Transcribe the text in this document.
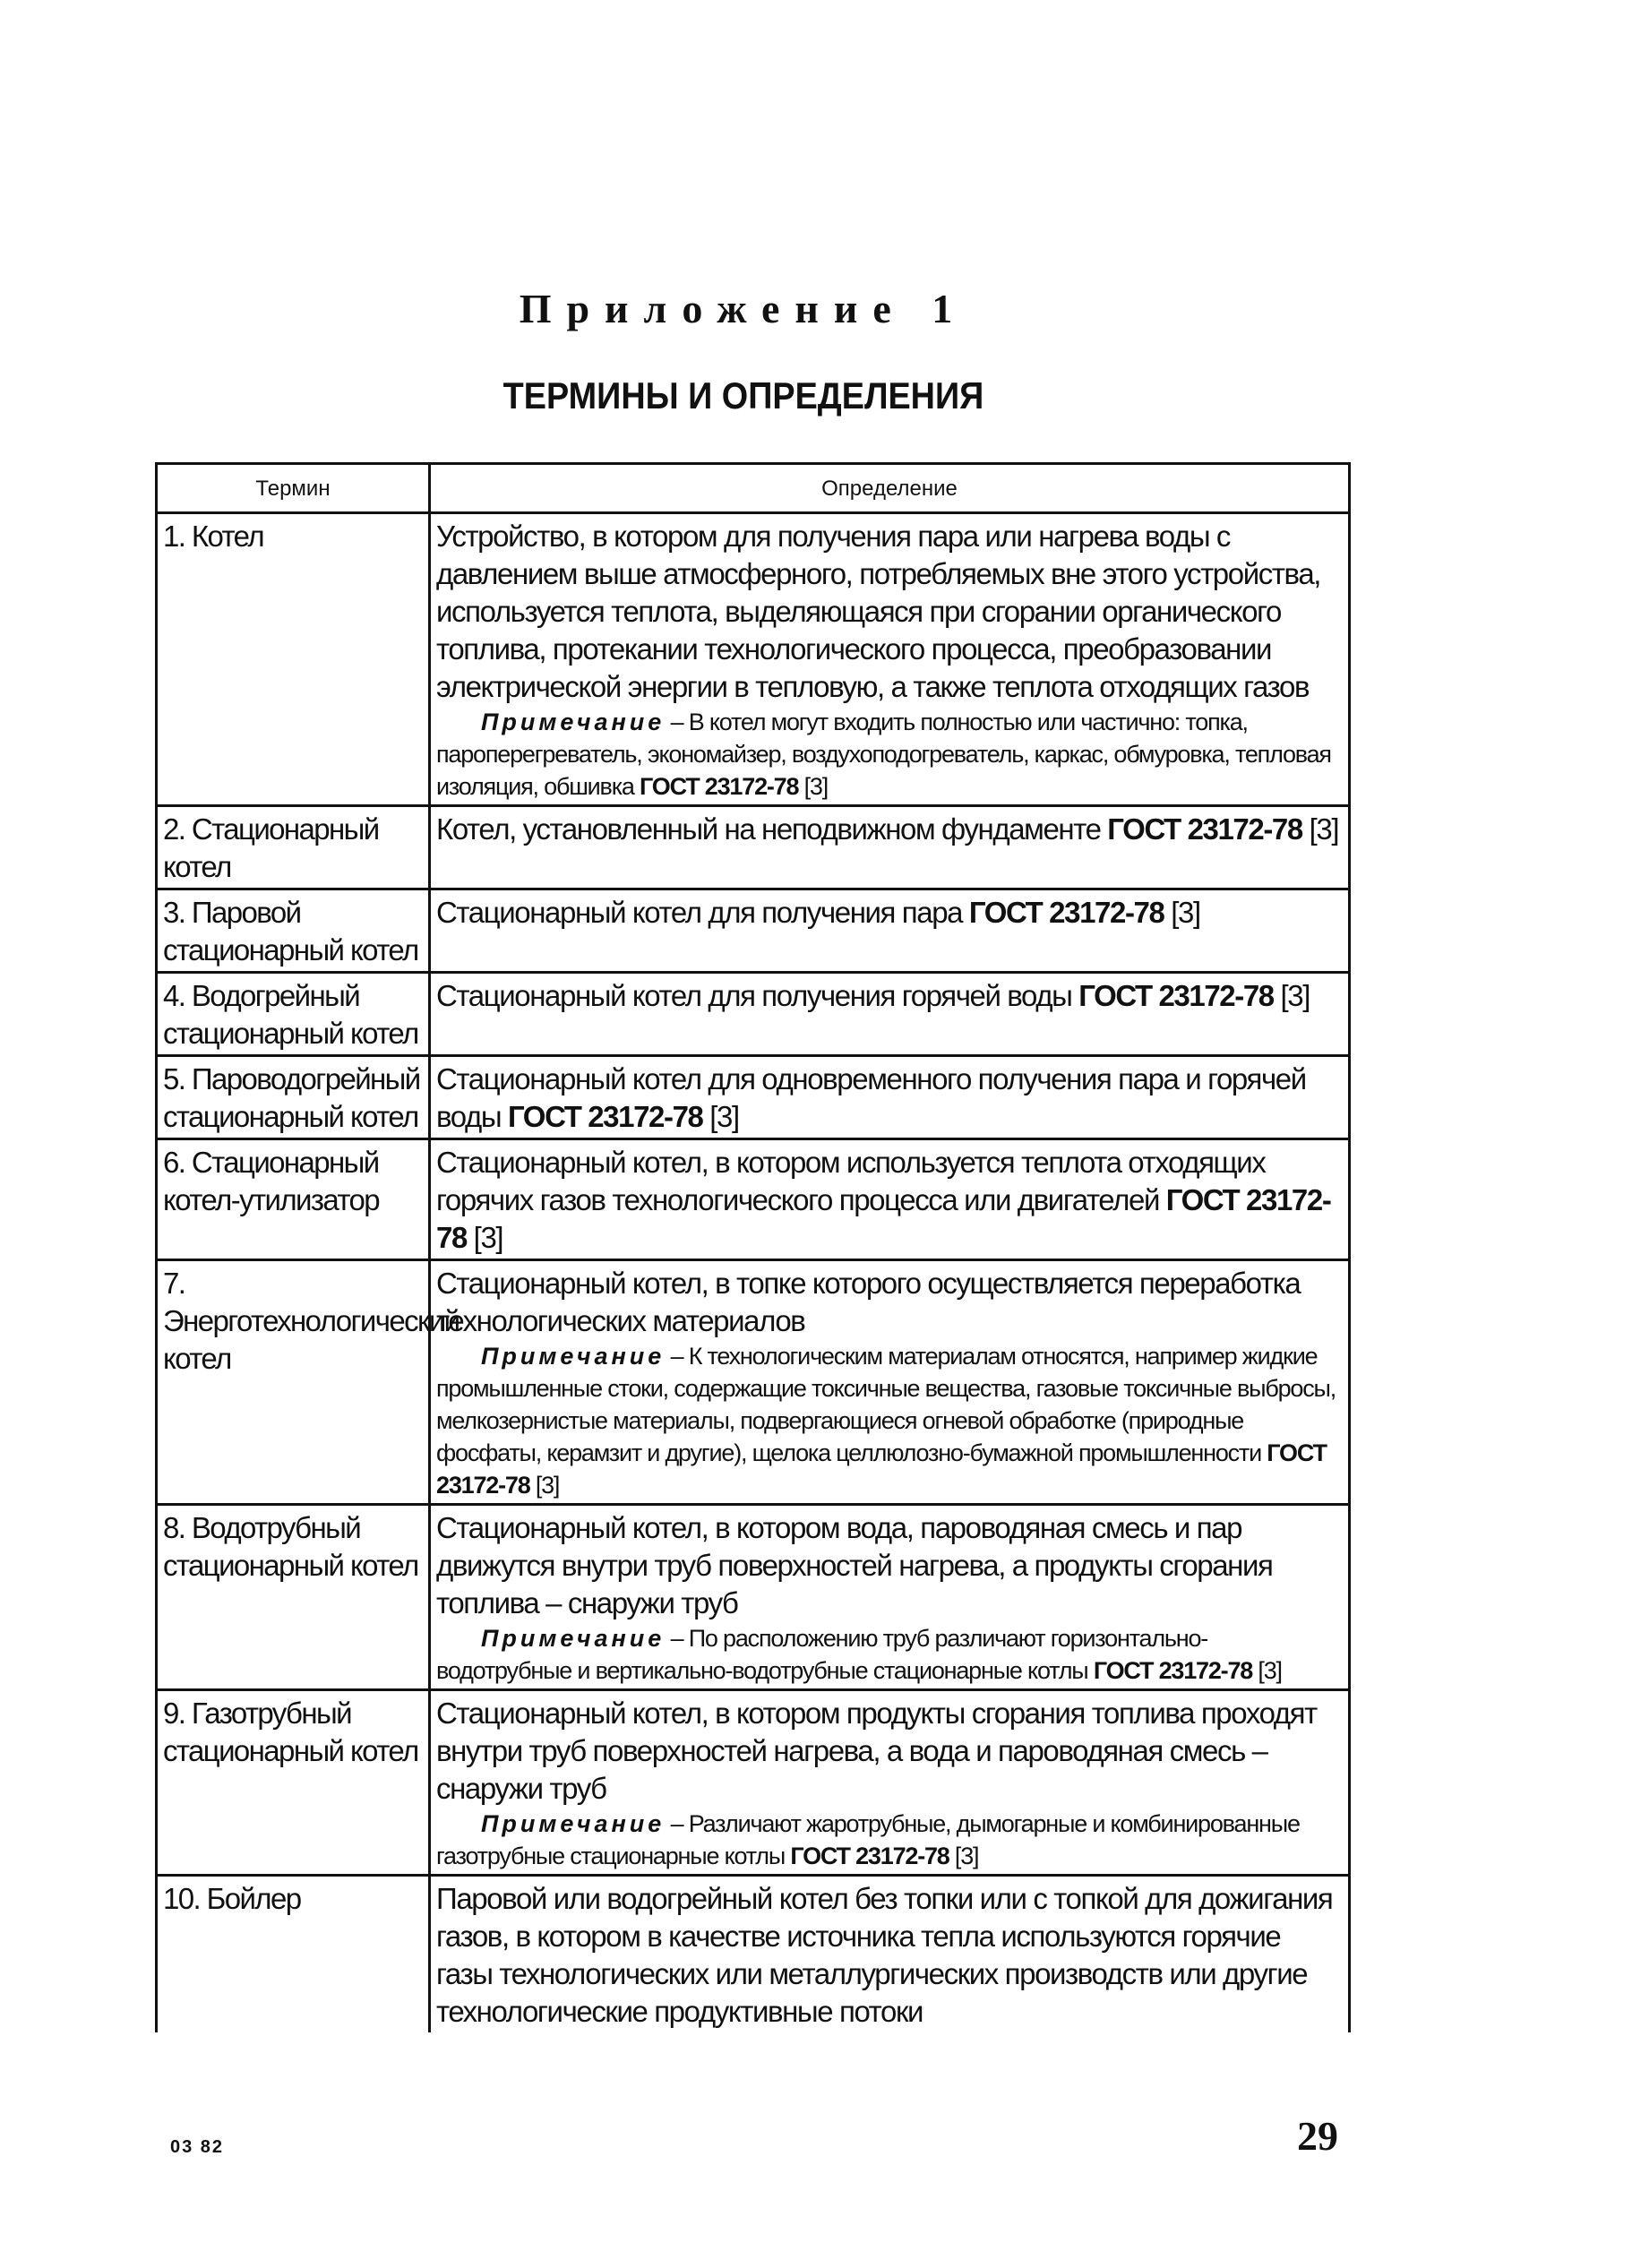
Приложение 1
ТЕРМИНЫ И ОПРЕДЕЛЕНИЯ
Термин	Определение
1. Котел	Устройство, в котором для получения пара или нагрева воды с давлением выше атмосферного, потребляемых вне этого устройства, используется теплота, выделяющаяся при сгорании органического топлива, протекании технологического процесса, преобразовании электрической энергии в тепловую, а также теплота отходящих газов
Примечание – В котел могут входить полностью или частично: топка, пароперегреватель, экономайзер, воздухоподогреватель, каркас, обмуровка, тепловая изоляция, обшивка ГОСТ 23172-78 [3]

2. Стационарный котел	Котел, установленный на неподвижном фундаменте ГОСТ 23172-78 [3]
3. Паровой стационарный котел	Стационарный котел для получения пара ГОСТ 23172-78 [3]
4. Водогрейный стационарный котел	Стационарный котел для получения горячей воды ГОСТ 23172-78 [3]
5. Пароводогрейный стационарный котел	Стационарный котел для одновременного получения пара и горячей воды ГОСТ 23172-78 [3]
6. Стационарный котел-утилизатор	Стационарный котел, в котором используется теплота отходящих горячих газов технологического процесса или двигателей ГОСТ 23172-78 [3]
7. Энерготехнологический котел	Стационарный котел, в топке которого осуществляется переработка технологических материалов
Примечание – К технологическим материалам относятся, например жидкие промышленные стоки, содержащие токсичные вещества, газовые токсичные выбросы, мелкозернистые материалы, подвергающиеся огневой обработке (природные фосфаты, керамзит и другие), щелока целлюлозно-бумажной промышленности ГОСТ 23172-78 [3]

8. Водотрубный стационарный котел	Стационарный котел, в котором вода, пароводяная смесь и пар движутся внутри труб поверхностей нагрева, а продукты сгорания топлива – снаружи труб
Примечание – По расположению труб различают горизонтально-водотрубные и вертикально-водотрубные стационарные котлы ГОСТ 23172-78 [3]

9. Газотрубный стационарный котел	Стационарный котел, в котором продукты сгорания топлива проходят внутри труб поверхностей нагрева, а вода и пароводяная смесь – снаружи труб
Примечание – Различают жаротрубные, дымогарные и комбинированные газотрубные стационарные котлы ГОСТ 23172-78 [3]

10. Бойлер	Паровой или водогрейный котел без топки или с топкой для дожигания газов, в котором в качестве источника тепла используются горячие газы технологических или металлургических производств или другие технологические продуктивные потоки
03 82	29
